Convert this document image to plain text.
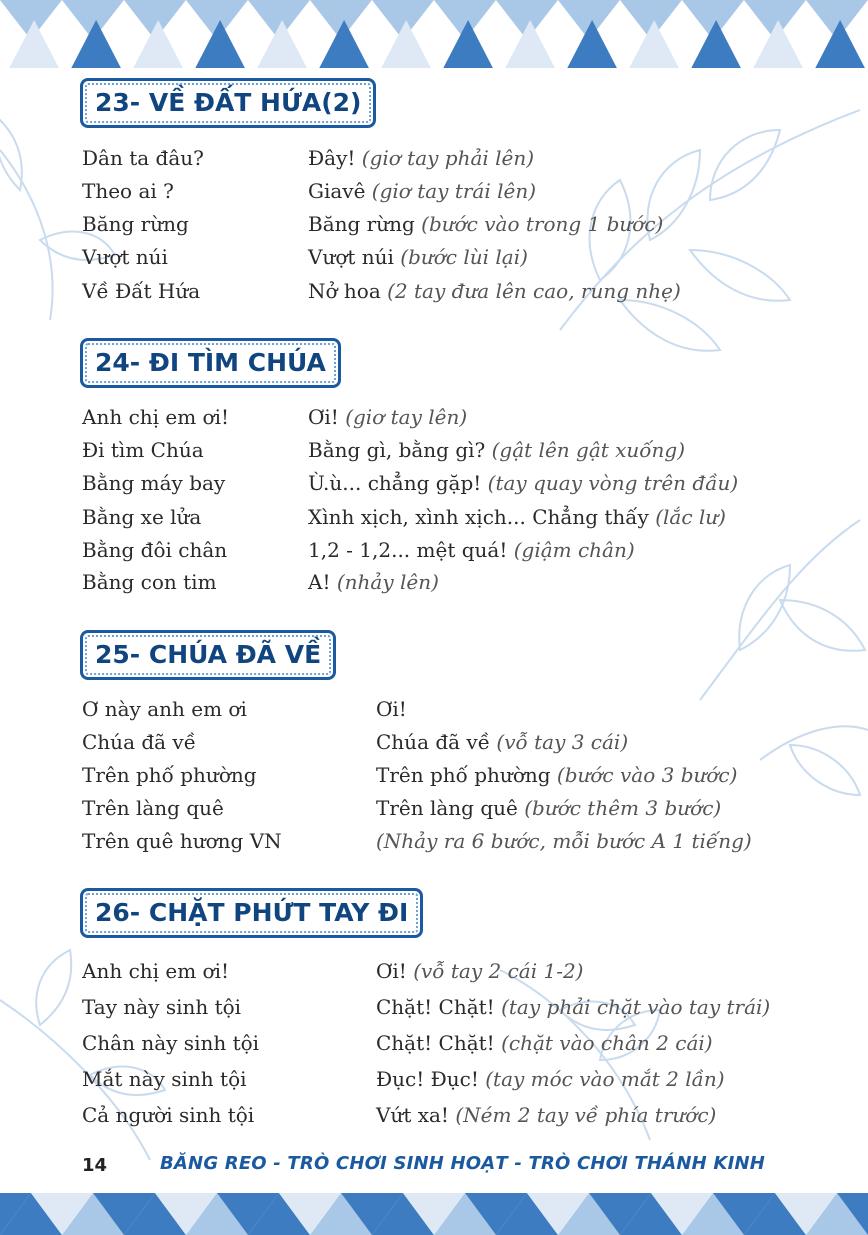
23- VỀ ĐẤT HỨA(2)
24- ĐI TÌM CHÚA
25- CHÚA ĐÃ VỀ
26- CHẶT PHỨT TAY ĐI
Dân ta đâu?	Đây! (giơ tay phải lên)
Theo ai ?	Giavê (giơ tay trái lên)
Băng rừng	Băng rừng (bước vào trong 1 bước)
Vượt núi	Vượt núi (bước lùi lại)
Về Đất Hứa	Nở hoa (2 tay đưa lên cao, rung nhẹ)
Anh chị em ơi!	Ơi! (giơ tay lên)
Đi tìm Chúa	Bằng gì, bằng gì? (gật lên gật xuống)
Bằng máy bay	Ù.ù... chẳng gặp! (tay quay vòng trên đầu)
Bằng xe lửa	Xình xịch, xình xịch... Chẳng thấy (lắc lư)
Bằng đôi chân	1,2 - 1,2... mệt quá! (giậm chân)
Bằng con tim	A! (nhảy lên)
Ơ này anh em ơi	Ơi!
Chúa đã về	Chúa đã về (vỗ tay 3 cái)
Trên phố phường	Trên phố phường (bước vào 3 bước)
Trên làng quê	Trên làng quê (bước thêm 3 bước)
Trên quê hương VN	(Nhảy ra 6 bước, mỗi bước A 1 tiếng)
Anh chị em ơi!	Ơi! (vỗ tay 2 cái 1-2)
Tay này sinh tội	Chặt! Chặt! (tay phải chặt vào tay trái)
Chân này sinh tội	Chặt! Chặt! (chặt vào chân 2 cái)
Mắt này sinh tội	Đục! Đục! (tay móc vào mắt 2 lần)
Cả người sinh tội	Vứt xa! (Ném 2 tay về phía trước)
14	BĂNG REO - TRÒ CHƠI SINH HOẠT - TRÒ CHƠI THÁNH KINH
